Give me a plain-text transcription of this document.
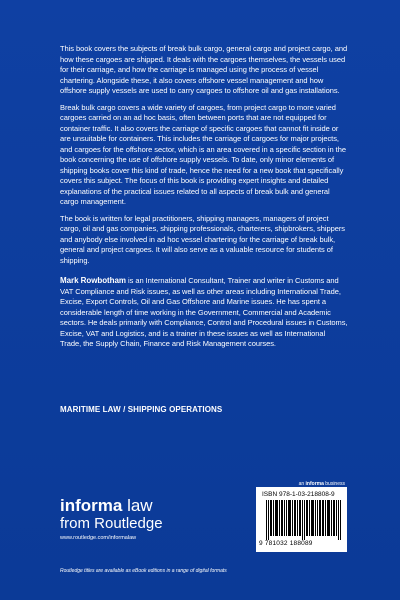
This book covers the subjects of break bulk cargo, general cargo and project cargo, and how these cargoes are shipped. It deals with the cargoes themselves, the vessels used for their carriage, and how the carriage is managed using the process of vessel chartering. Alongside these, it also covers offshore vessel management and how offshore supply vessels are used to carry cargoes to offshore oil and gas installations.

Break bulk cargo covers a wide variety of cargoes, from project cargo to more varied cargoes carried on an ad hoc basis, often between ports that are not equipped for container traffic. It also covers the carriage of specific cargoes that cannot fit inside or are unsuitable for containers. This includes the carriage of cargoes for major projects, and cargoes for the offshore sector, which is an area covered in a specific section in the book concerning the use of offshore supply vessels. To date, only minor elements of shipping books cover this kind of trade, hence the need for a new book that specifically covers this subject. The focus of this book is providing expert insights and detailed explanations of the practical issues related to all aspects of break bulk and general cargo management.

The book is written for legal practitioners, shipping managers, managers of project cargo, oil and gas companies, shipping professionals, charterers, shipbrokers, shippers and anybody else involved in ad hoc vessel chartering for the carriage of break bulk, general and project cargoes. It will also serve as a valuable resource for students of shipping.

Mark Rowbotham is an International Consultant, Trainer and writer in Customs and VAT Compliance and Risk issues, as well as other areas including International Trade, Excise, Export Controls, Oil and Gas Offshore and Marine issues. He has spent a considerable length of time working in the Government, Commercial and Academic sectors. He deals primarily with Compliance, Control and Procedural issues in Customs, Excise, VAT and Logistics, and is a trainer in these issues as well as International Trade, the Supply Chain, Finance and Risk Management courses.

MARITIME LAW / SHIPPING OPERATIONS
informa law
from Routledge
www.routledge.com/informalaw
an informa business
ISBN 978-1-03-218808-9
9 781032 188089
Routledge titles are available as eBook editions in a range of digital formats
